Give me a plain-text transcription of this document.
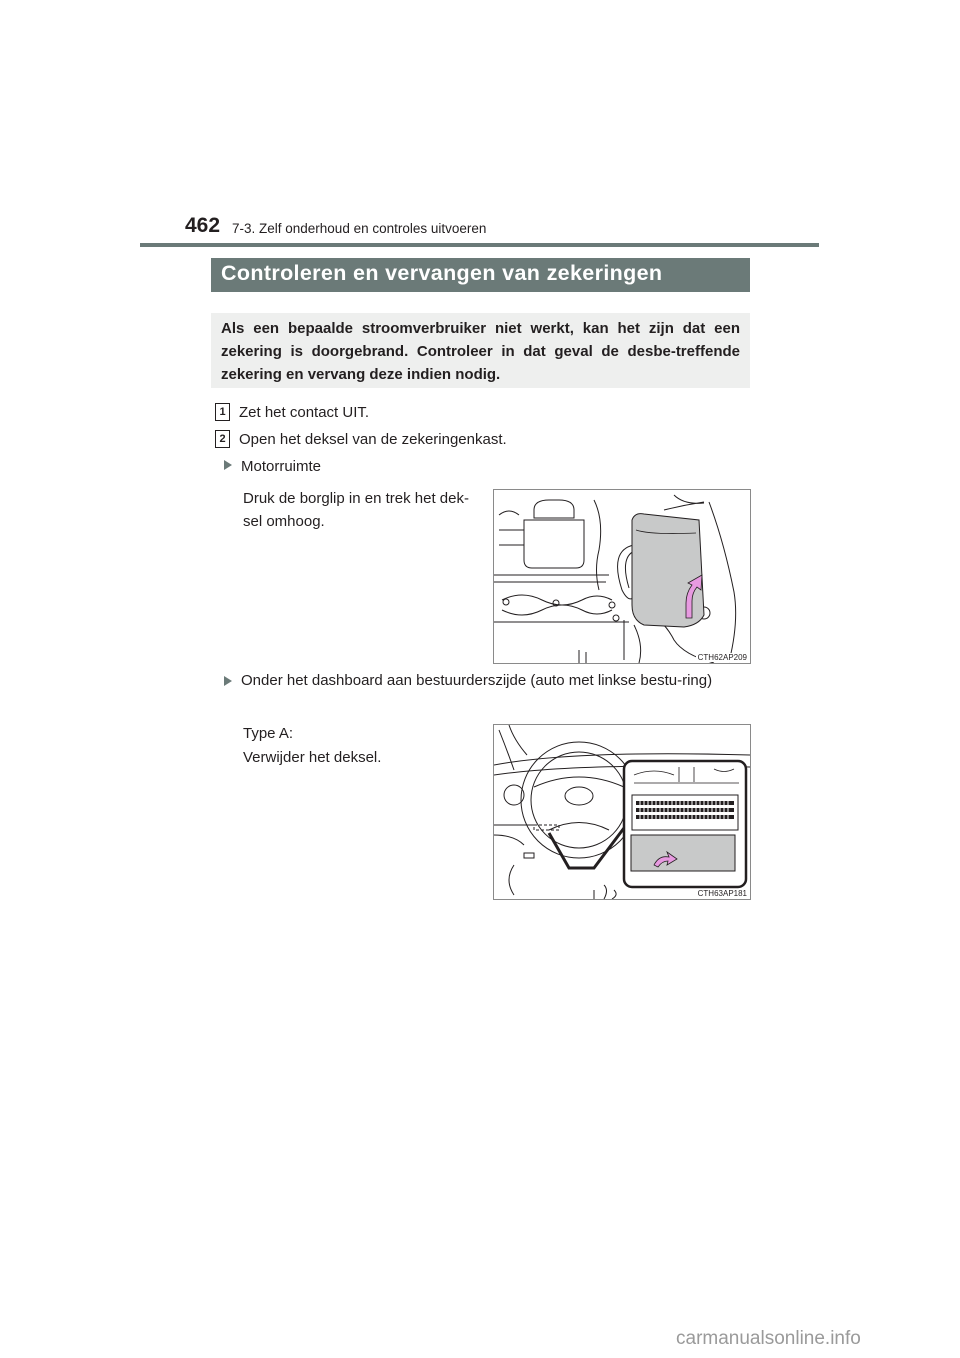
462 7-3. Zelf onderhoud en controles uitvoeren
Controleren en vervangen van zekeringen

Als een bepaalde stroomverbruiker niet werkt, kan het zijn dat een zekering is doorgebrand. Controleer in dat geval de desbe-treffende zekering en vervang deze indien nodig.

1 Zet het contact UIT.
2 Open het deksel van de zekeringenkast.
Motorruimte
Druk de borglip in en trek het dek-sel omhoog.
CTH62AP209
Onder het dashboard aan bestuurderszijde (auto met linkse bestu-ring)
Type A:
Verwijder het deksel.
CTH63AP181
carmanualsonline.info
